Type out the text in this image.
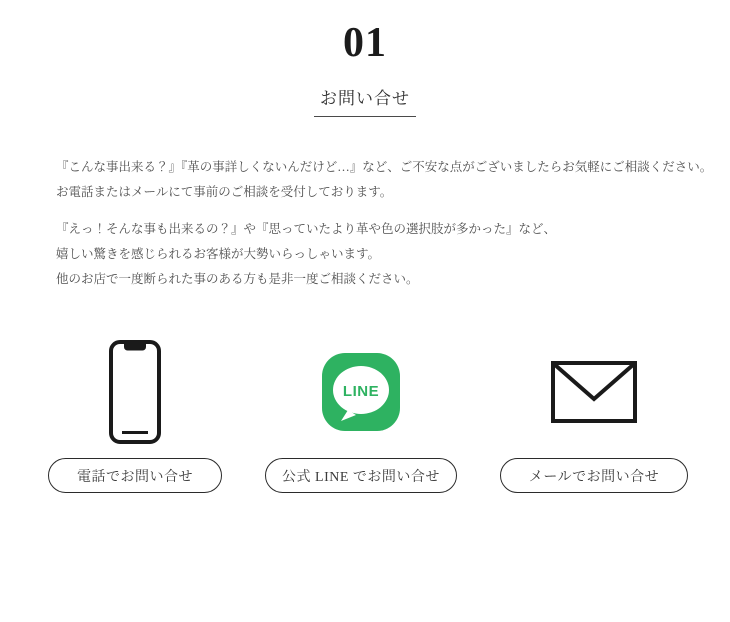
01
お問い合せ
『こんな事出来る？』『革の事詳しくないんだけど…』など、ご不安な点がございましたらお気軽にご相談ください。
お電話またはメールにて事前のご相談を受付しております。
『えっ！そんな事も出来るの？』や『思っていたより革や色の選択肢が多かった』など、
嬉しい驚きを感じられるお客様が大勢いらっしゃいます。
他のお店で一度断られた事のある方も是非一度ご相談ください。
電話でお問い合せ
LINE
公式 LINE でお問い合せ	メールでお問い合せ
